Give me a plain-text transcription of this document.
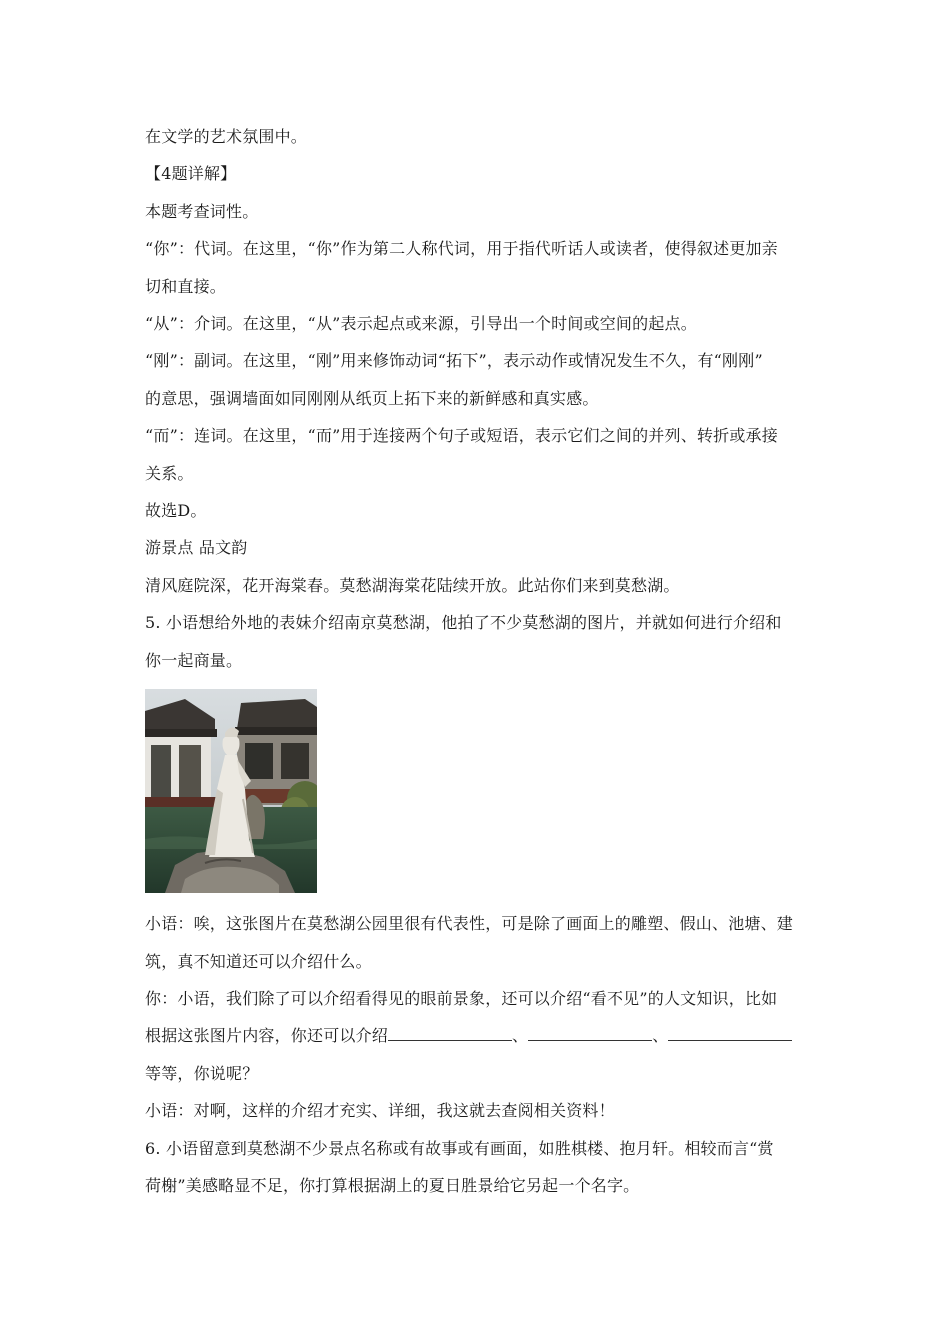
在文学的艺术氛围中。
【4题详解】
本题考查词性。
“你”：代词。在这里，“你”作为第二人称代词，用于指代听话人或读者，使得叙述更加亲
切和直接。
“从”：介词。在这里，“从”表示起点或来源，引导出一个时间或空间的起点。
“刚”：副词。在这里，“刚”用来修饰动词“拓下”，表示动作或情况发生不久，有“刚刚”
的意思，强调墙面如同刚刚从纸页上拓下来的新鲜感和真实感。
“而”：连词。在这里，“而”用于连接两个句子或短语，表示它们之间的并列、转折或承接
关系。
故选D。
游景点 品文韵
清风庭院深，花开海棠春。莫愁湖海棠花陆续开放。此站你们来到莫愁湖。
5. 小语想给外地的表妹介绍南京莫愁湖，他拍了不少莫愁湖的图片，并就如何进行介绍和
你一起商量。
小语：唉，这张图片在莫愁湖公园里很有代表性，可是除了画面上的雕塑、假山、池塘、建
筑，真不知道还可以介绍什么。
你：小语，我们除了可以介绍看得见的眼前景象，还可以介绍“看不见”的人文知识，比如
根据这张图片内容，你还可以介绍	、	、
等等，你说呢？
小语：对啊，这样的介绍才充实、详细，我这就去查阅相关资料！
6. 小语留意到莫愁湖不少景点名称或有故事或有画面，如胜棋楼、抱月轩。相较而言“赏
荷榭”美感略显不足，你打算根据湖上的夏日胜景给它另起一个名字。
